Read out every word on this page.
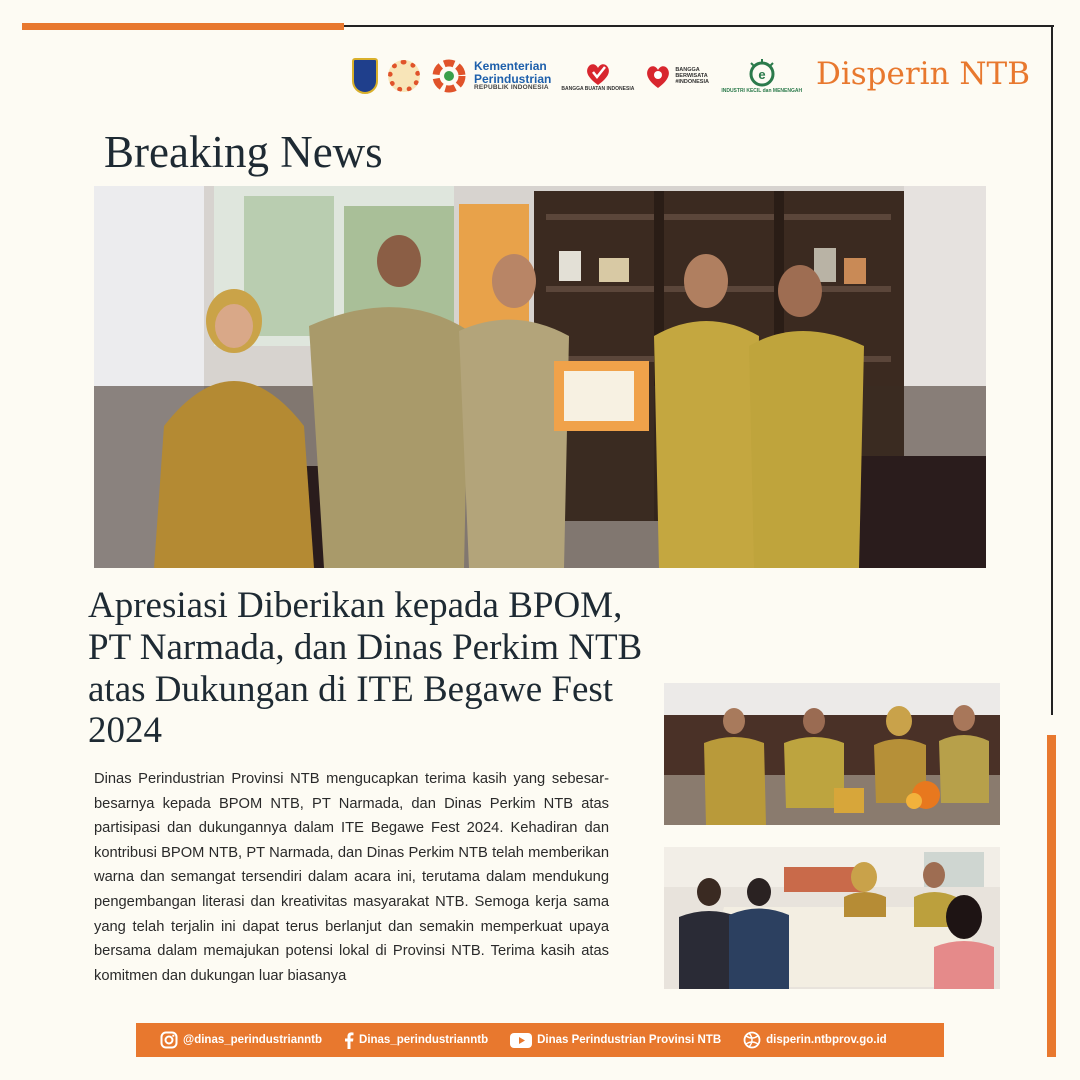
Kementerian
Perindustrian
REPUBLIK INDONESIA	BANGGA BUATAN INDONESIA
BANGGA BERWISATA #INDONESIA
e
INDUSTRI KECIL dan MENENGAH Disperin NTB
Breaking News
Apresiasi Diberikan kepada BPOM, PT Narmada, dan Dinas Perkim NTB atas Dukungan di ITE Begawe Fest 2024
Dinas Perindustrian Provinsi NTB mengucapkan terima kasih yang sebesar-besarnya kepada BPOM NTB, PT Narmada, dan Dinas Perkim NTB atas partisipasi dan dukungannya dalam ITE Begawe Fest 2024. Kehadiran dan kontribusi BPOM NTB, PT Narmada, dan Dinas Perkim NTB telah memberikan warna dan semangat tersendiri dalam acara ini, terutama dalam mendukung pengembangan literasi dan kreativitas masyarakat NTB. Semoga kerja sama yang telah terjalin ini dapat terus berlanjut dan semakin memperkuat upaya bersama dalam memajukan potensi lokal di Provinsi NTB. Terima kasih atas komitmen dan dukungan luar biasanya
@dinas_perindustrianntb	Dinas_perindustrianntb	Dinas Perindustrian Provinsi NTB	disperin.ntbprov.go.id
